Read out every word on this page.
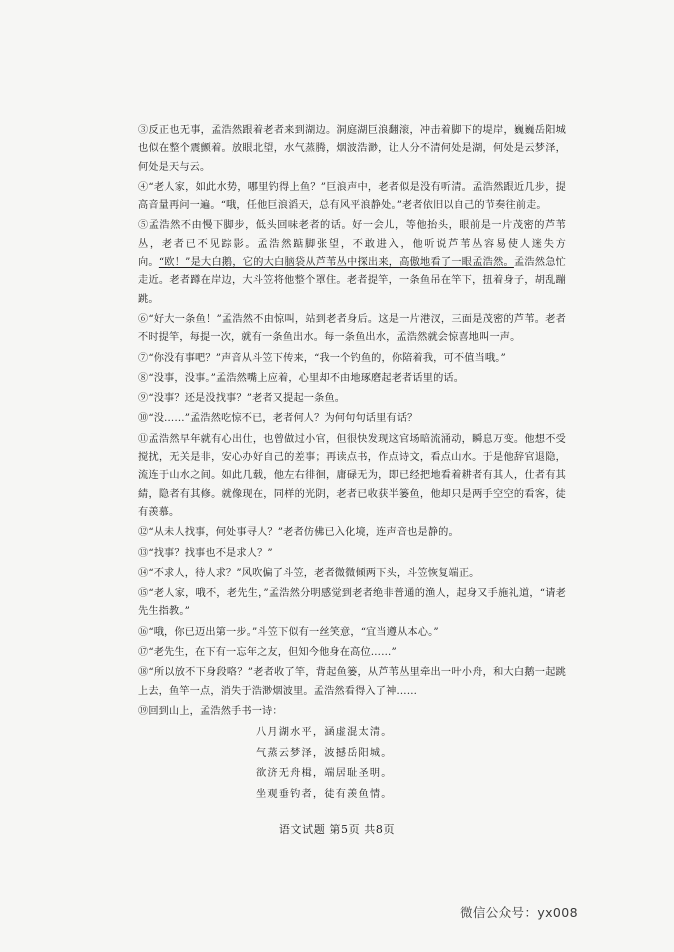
③反正也无事，孟浩然跟着老者来到湖边。洞庭湖巨浪翻滚，冲击着脚下的堤岸，巍巍岳阳城也似在整个震颤着。放眼北望，水气蒸腾，烟波浩渺，让人分不清何处是湖，何处是云梦泽，何处是天与云。

④“老人家，如此水势，哪里钓得上鱼？”巨浪声中，老者似是没有听清。孟浩然跟近几步，提高音量再问一遍。“哦，任他巨浪滔天，总有风平浪静处。”老者依旧以自己的节奏往前走。

⑤孟浩然不由慢下脚步，低头回味老者的话。好一会儿，等他抬头，眼前是一片茂密的芦苇丛，老者已不见踪影。孟浩然踮脚张望，不敢进入，他听说芦苇丛容易使人迷失方向。“欧！”是大白鹅，它的大白脑袋从芦苇丛中探出来，高傲地看了一眼孟浩然。孟浩然急忙走近。老者蹲在岸边，大斗笠将他整个罩住。老者提竿，一条鱼吊在竿下，扭着身子，胡乱蹦跳。

⑥“好大一条鱼！”孟浩然不由惊叫，站到老者身后。这是一片港汊，三面是茂密的芦苇。老者不时提竿，每提一次，就有一条鱼出水。每一条鱼出水，孟浩然就会惊喜地叫一声。

⑦“你没有事吧？”声音从斗笠下传来，“我一个钓鱼的，你陪着我，可不值当哦。”

⑧“没事，没事。”孟浩然嘴上应着，心里却不由地琢磨起老者话里的话。

⑨“没事？还是没找事？”老者又提起一条鱼。

⑩“没……”孟浩然吃惊不已，老者何人？为何句句话里有话？

⑪孟浩然早年就有心出仕，也曾做过小官，但很快发现这官场暗流涌动，瞬息万变。他想不受搅扰，无关是非，安心办好自己的差事；再读点书，作点诗文，看点山水。于是他辞官退隐，流连于山水之间。如此几载，他左右徘徊，庸碌无为，即已经把地看着耕者有其人，仕者有其綪，隐者有其修。就像现在，同样的光阴，老者已收获半篓鱼，他却只是两手空空的看客，徒有羡慕。

⑫“从未人找事，何处事寻人？”老者仿佛已入化境，连声音也是静的。

⑬“找事？找事也不是求人？”

⑭“不求人，待人求？”风吹偏了斗笠，老者微微倾两下头，斗笠恢复端正。

⑮“老人家，哦不，老先生，”孟浩然分明感觉到老者绝非普通的渔人，起身又手施礼道，“请老先生指教。”

⑯“哦，你已迈出第一步。”斗笠下似有一丝笑意，“宜当遵从本心。”

⑰“老先生，在下有一忘年之友，但知今他身在高位……”

⑱“所以放不下身段咯？”老者收了竿，背起鱼篓，从芦苇丛里牵出一叶小舟，和大白鹅一起跳上去，鱼竿一点，消失于浩渺烟波里。孟浩然看得入了神……

⑲回到山上，孟浩然手书一诗：

八月湖水平，涵虚混太清。
气蒸云梦泽，波撼岳阳城。
欲济无舟楫，端居耻圣明。
坐观垂钓者，徒有羡鱼情。
语文试题 第5页 共8页
微信公众号：yx008
